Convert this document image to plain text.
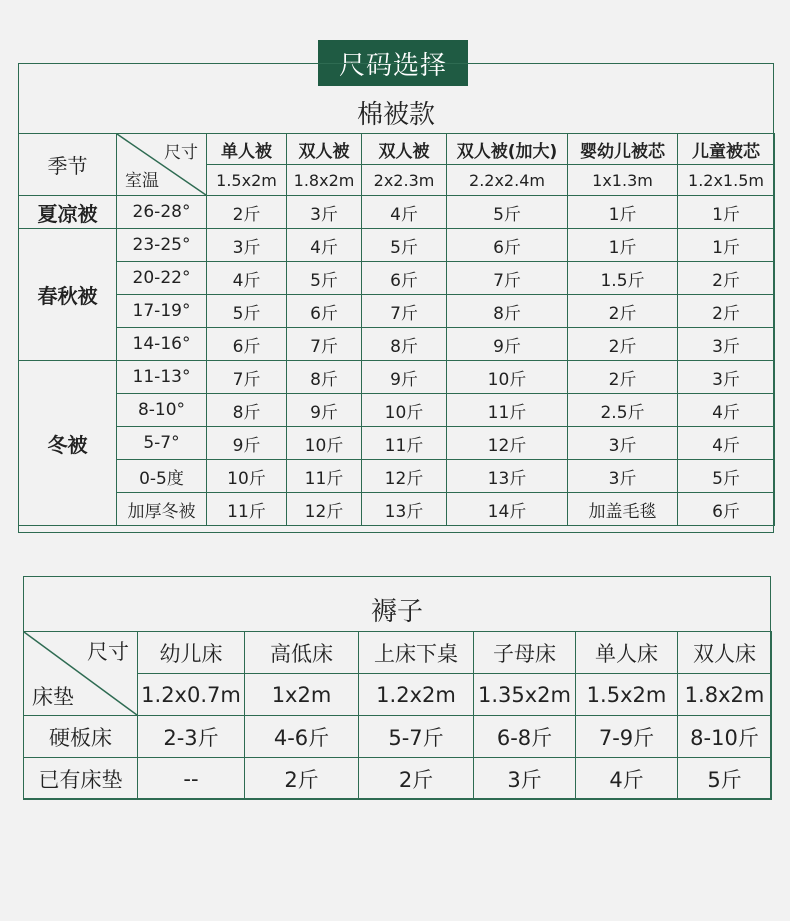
尺码选择
棉被款
季节	尺寸
室温	单人被	双人被	双人被	双人被(加大)	婴幼儿被芯	儿童被芯
		1.5x2m	1.8x2m	2x2.3m	2.2x2.4m	1x1.3m	1.2x1.5m
夏凉被	26-28°	2斤	3斤	4斤	5斤	1斤	1斤
春秋被	23-25°	3斤	4斤	5斤	6斤	1斤	1斤
	20-22°	4斤	5斤	6斤	7斤	1.5斤	2斤
	17-19°	5斤	6斤	7斤	8斤	2斤	2斤
	14-16°	6斤	7斤	8斤	9斤	2斤	3斤
冬被	11-13°	7斤	8斤	9斤	10斤	2斤	3斤
	8-10°	8斤	9斤	10斤	11斤	2.5斤	4斤
	5-7°	9斤	10斤	11斤	12斤	3斤	4斤
	0-5度	10斤	11斤	12斤	13斤	3斤	5斤
	加厚冬被	11斤	12斤	13斤	14斤	加盖毛毯	6斤
褥子
尺寸
床垫	幼儿床	高低床	上床下桌	子母床	单人床	双人床
	1.2x0.7m	1x2m	1.2x2m	1.35x2m	1.5x2m	1.8x2m
硬板床	2-3斤	4-6斤	5-7斤	6-8斤	7-9斤	8-10斤
已有床垫	--	2斤	2斤	3斤	4斤	5斤
